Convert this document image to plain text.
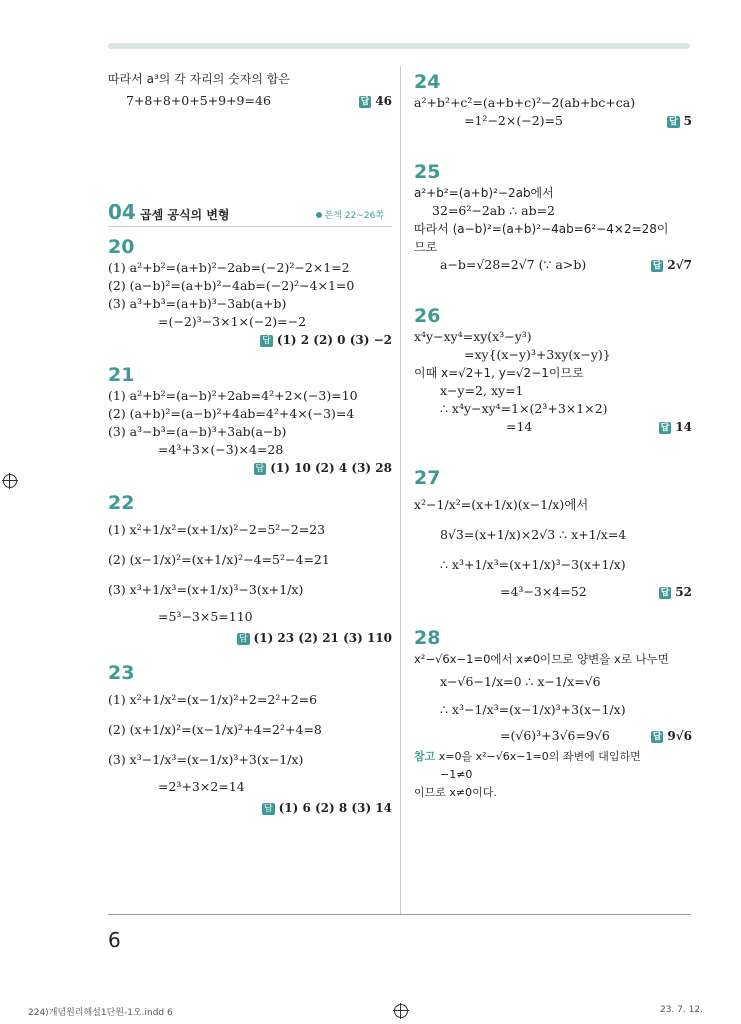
따라서 a³의 각 자리의 숫자의 합은
7+8+8+0+5+9+9=46	답 46
04 곱셈 공식의 변형	본책 22~26쪽
20
(1) a²+b²=(a+b)²−2ab=(−2)²−2×1=2
(2) (a−b)²=(a+b)²−4ab=(−2)²−4×1=0
(3) a³+b³=(a+b)³−3ab(a+b)
=(−2)³−3×1×(−2)=−2
답 (1) 2 (2) 0 (3) −2
21
(1) a²+b²=(a−b)²+2ab=4²+2×(−3)=10
(2) (a+b)²=(a−b)²+4ab=4²+4×(−3)=4
(3) a³−b³=(a−b)³+3ab(a−b)
=4³+3×(−3)×4=28
답 (1) 10 (2) 4 (3) 28
22
(1) x²+1/x²=(x+1/x)²−2=5²−2=23
(2) (x−1/x)²=(x+1/x)²−4=5²−4=21
(3) x³+1/x³=(x+1/x)³−3(x+1/x)
=5³−3×5=110
답 (1) 23 (2) 21 (3) 110
23
(1) x²+1/x²=(x−1/x)²+2=2²+2=6
(2) (x+1/x)²=(x−1/x)²+4=2²+4=8
(3) x³−1/x³=(x−1/x)³+3(x−1/x)
=2³+3×2=14
답 (1) 6 (2) 8 (3) 14
24
a²+b²+c²=(a+b+c)²−2(ab+bc+ca)
=1²−2×(−2)=5	답 5
25
a²+b²=(a+b)²−2ab에서
32=6²−2ab ∴ ab=2
따라서 (a−b)²=(a+b)²−4ab=6²−4×2=28이
므로
a−b=√28=2√7 (∵ a>b)	답 2√7
26
x⁴y−xy⁴=xy(x³−y³)
=xy{(x−y)³+3xy(x−y)}
이때 x=√2+1, y=√2−1이므로
x−y=2, xy=1
∴ x⁴y−xy⁴=1×(2³+3×1×2)
=14	답 14
27
x²−1/x²=(x+1/x)(x−1/x)에서
8√3=(x+1/x)×2√3 ∴ x+1/x=4
∴ x³+1/x³=(x+1/x)³−3(x+1/x)
=4³−3×4=52	답 52
28
x²−√6x−1=0에서 x≠0이므로 양변을 x로 나누면
x−√6−1/x=0 ∴ x−1/x=√6
∴ x³−1/x³=(x−1/x)³+3(x−1/x)
=(√6)³+3√6=9√6	답 9√6
참고 x=0을 x²−√6x−1=0의 좌변에 대입하면
−1≠0
이므로 x≠0이다.
6
224)개념원리해설1단원-1오.indd 6	23. 7. 12.
